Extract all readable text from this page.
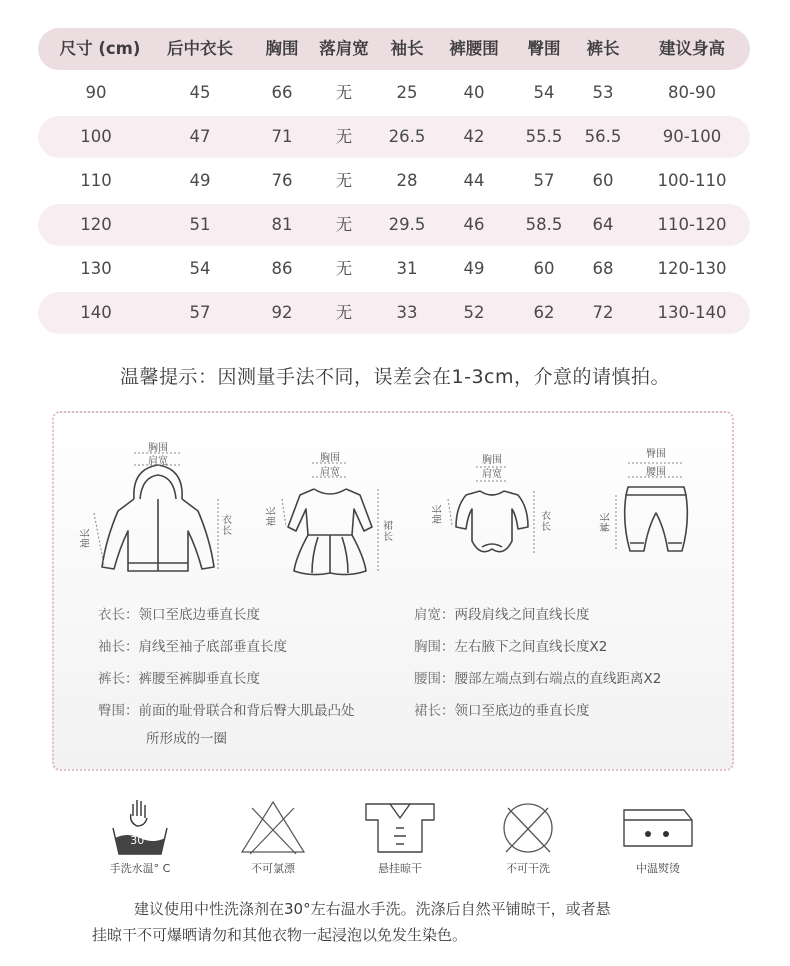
尺寸 (cm) 后中衣长 胸围 落肩宽 袖长 裤腰围 臀围 裤长 建议身高
90	45	66	无	25	40	54 53	80-90
100	47	71	无 26.5 42 55.5 56.5	90-100
110	49	76	无	28	44	57 60	100-110
120	51	81	无 29.5 46 58.5 64	110-120
130	54	86	无	31	49	60 68	120-130
140	57	92	无	33	52	62 72	130-140
温馨提示：因测量手法不同，误差会在1-3cm，介意的请慎拍。
胸围
肩宽
袖长
衣长
胸围
肩宽
袖长	裙长
胸围
肩宽
袖长	衣长
臀围
腰围
裤长
衣长：领口至底边垂直长度
袖长：肩线至袖子底部垂直长度
裤长：裤腰至裤脚垂直长度
臀围：前面的耻骨联合和背后臀大肌最凸处
所形成的一圈
肩宽：两段肩线之间直线长度
胸围：左右腋下之间直线长度X2
腰围：腰部左端点到右端点的直线距离X2
裙长：领口至底边的垂直长度
30°
手洗水温° C	不可氯漂	悬挂晾干	不可干洗	中温熨烫
建议使用中性洗涤剂在30°左右温水手洗。洗涤后自然平铺晾干，或者悬
挂晾干不可爆晒请勿和其他衣物一起浸泡以免发生染色。
